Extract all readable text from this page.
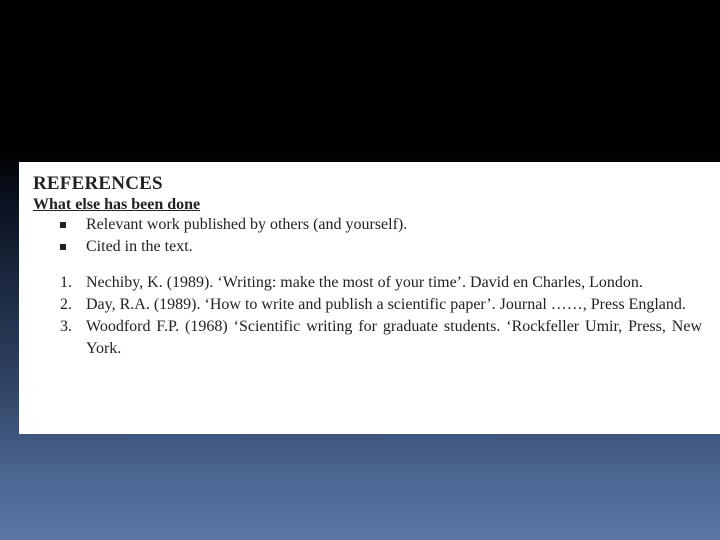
REFERENCES

What else has been done

Relevant work published by others (and yourself).
Cited in the text.
1. Nechiby, K. (1989). ‘Writing: make the most of your time’. David en Charles, London.
2. Day, R.A. (1989). ‘How to write and publish a scientific paper’. Journal ……, Press England.
3. Woodford F.P. (1968) ‘Scientific writing for graduate students. ‘Rockfeller Umir, Press, New York.
